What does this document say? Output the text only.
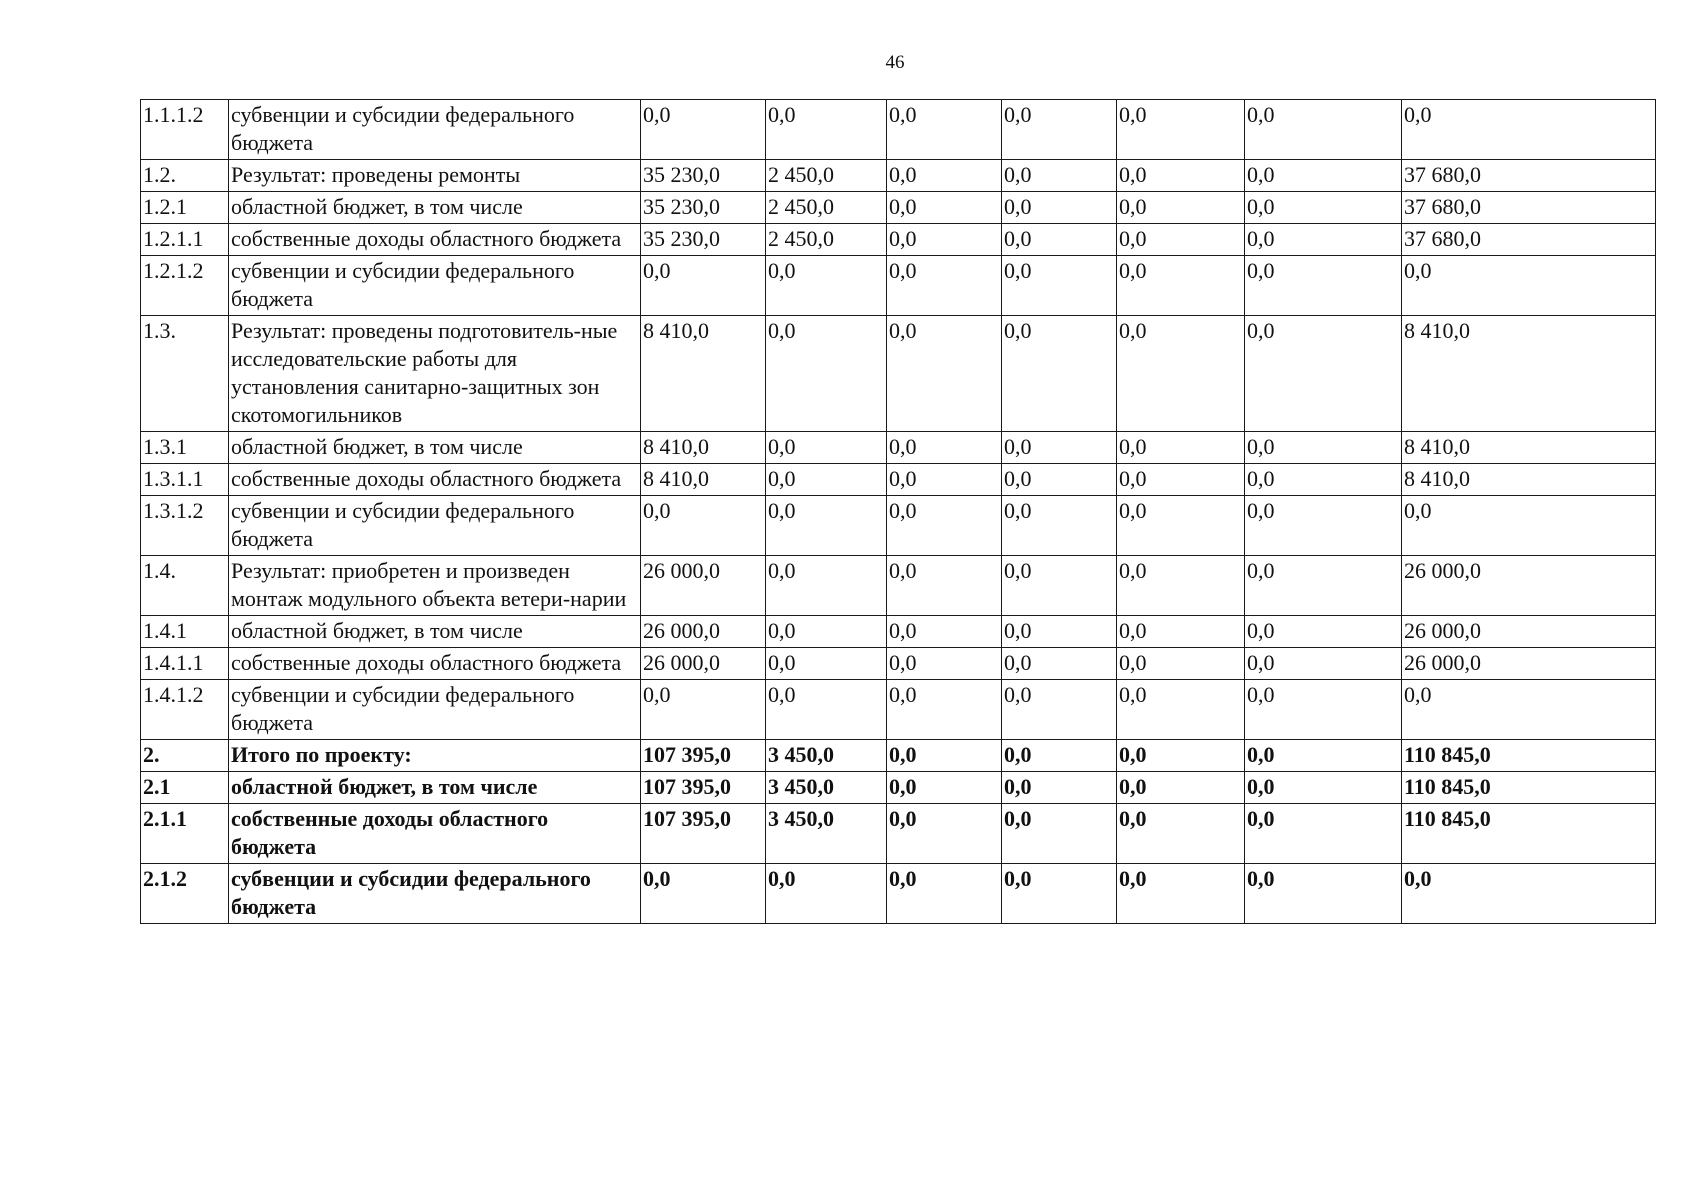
46
1.1.1.2	субвенции и субсидии федерального бюджета	0,0	0,0	0,0	0,0	0,0	0,0	0,0
1.2.	Результат: проведены ремонты	35 230,0	2 450,0	0,0	0,0	0,0	0,0	37 680,0
1.2.1	областной бюджет, в том числе	35 230,0	2 450,0	0,0	0,0	0,0	0,0	37 680,0
1.2.1.1	собственные доходы областного бюджета	35 230,0	2 450,0	0,0	0,0	0,0	0,0	37 680,0
1.2.1.2	субвенции и субсидии федерального бюджета	0,0	0,0	0,0	0,0	0,0	0,0	0,0
1.3.	Результат: проведены подготовитель-ные исследовательские работы для установления санитарно-защитных зон скотомогильников	8 410,0	0,0	0,0	0,0	0,0	0,0	8 410,0
1.3.1	областной бюджет, в том числе	8 410,0	0,0	0,0	0,0	0,0	0,0	8 410,0
1.3.1.1	собственные доходы областного бюджета	8 410,0	0,0	0,0	0,0	0,0	0,0	8 410,0
1.3.1.2	субвенции и субсидии федерального бюджета	0,0	0,0	0,0	0,0	0,0	0,0	0,0
1.4.	Результат: приобретен и произведен монтаж модульного объекта ветери-нарии	26 000,0	0,0	0,0	0,0	0,0	0,0	26 000,0
1.4.1	областной бюджет, в том числе	26 000,0	0,0	0,0	0,0	0,0	0,0	26 000,0
1.4.1.1	собственные доходы областного бюджета	26 000,0	0,0	0,0	0,0	0,0	0,0	26 000,0
1.4.1.2	субвенции и субсидии федерального бюджета	0,0	0,0	0,0	0,0	0,0	0,0	0,0
2.	Итого по проекту:	107 395,0	3 450,0	0,0	0,0	0,0	0,0	110 845,0
2.1	областной бюджет, в том числе	107 395,0	3 450,0	0,0	0,0	0,0	0,0	110 845,0
2.1.1	собственные доходы областного бюджета	107 395,0	3 450,0	0,0	0,0	0,0	0,0	110 845,0
2.1.2	субвенции и субсидии федерального бюджета	0,0	0,0	0,0	0,0	0,0	0,0	0,0
